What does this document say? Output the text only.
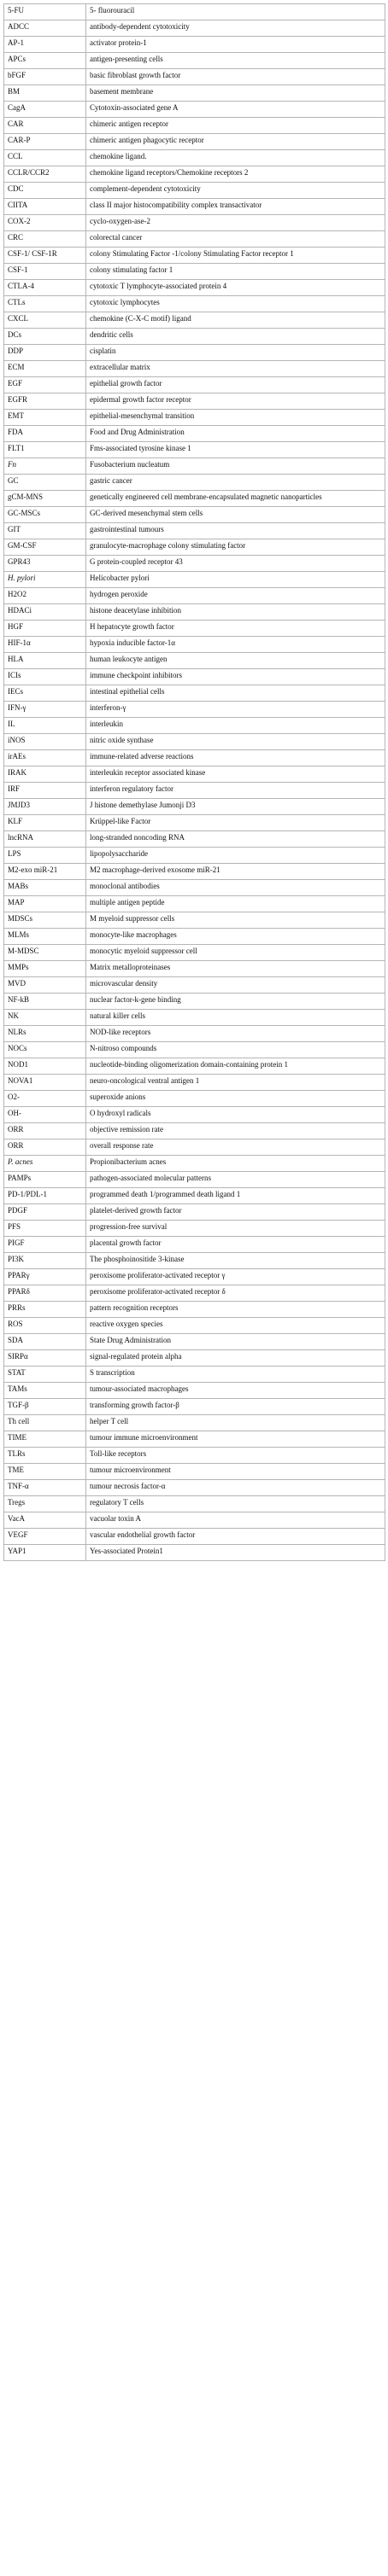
5-FU	5- fluorouracil
ADCC	antibody-dependent cytotoxicity
AP-1	activator protein-1
APCs	antigen-presenting cells
bFGF	basic fibroblast growth factor
BM	basement membrane
CagA	Cytotoxin-associated gene A
CAR	chimeric antigen receptor
CAR-P	chimeric antigen phagocytic receptor
CCL	chemokine ligand.
CCLR/CCR2	chemokine ligand receptors/Chemokine receptors 2
CDC	complement-dependent cytotoxicity
CIITA	class II major histocompatibility complex transactivator
COX-2	cyclo-oxygen-ase-2
CRC	colorectal cancer
CSF-1/ CSF-1R	colony Stimulating Factor -1/colony Stimulating Factor receptor 1
CSF-1	colony stimulating factor 1
CTLA-4	cytotoxic T lymphocyte-associated protein 4
CTLs	cytotoxic lymphocytes
CXCL	chemokine (C-X-C motif) ligand
DCs	dendritic cells
DDP	cisplatin
ECM	extracellular matrix
EGF	epithelial growth factor
EGFR	epidermal growth factor receptor
EMT	epithelial-mesenchymal transition
FDA	Food and Drug Administration
FLT1	Fms-associated tyrosine kinase 1
Fn	Fusobacterium nucleatum
GC	gastric cancer
gCM-MNS	genetically engineered cell membrane-encapsulated magnetic nanoparticles
GC-MSCs	GC-derived mesenchymal stem cells
GIT	gastrointestinal tumours
GM-CSF	granulocyte-macrophage colony stimulating factor
GPR43	G protein-coupled receptor 43
H. pylori	Helicobacter pylori
H2O2	hydrogen peroxide
HDACi	histone deacetylase inhibition
HGF	H hepatocyte growth factor
HIF-1α	hypoxia inducible factor-1α
HLA	human leukocyte antigen
ICIs	immune checkpoint inhibitors
IECs	intestinal epithelial cells
IFN-γ	interferon-γ
IL	interleukin
iNOS	nitric oxide synthase
irAEs	immune-related adverse reactions
IRAK	interleukin receptor associated kinase
IRF	interferon regulatory factor
JMJD3	J histone demethylase Jumonji D3
KLF	Krüppel-like Factor
lncRNA	long-stranded noncoding RNA
LPS	lipopolysaccharide
M2-exo miR-21	M2 macrophage-derived exosome miR-21
MABs	monoclonal antibodies
MAP	multiple antigen peptide
MDSCs	M myeloid suppressor cells
MLMs	monocyte-like macrophages
M-MDSC	monocytic myeloid suppressor cell
MMPs	Matrix metalloproteinases
MVD	microvascular density
NF-kB	nuclear factor-k-gene binding
NK	natural killer cells
NLRs	NOD-like receptors
NOCs	N-nitroso compounds
NOD1	nucleotide-binding oligomerization domain-containing protein 1
NOVA1	neuro-oncological ventral antigen 1
O2-	superoxide anions
OH-	O hydroxyl radicals
ORR	objective remission rate
ORR	overall response rate
P. acnes	Propionibacterium acnes
PAMPs	pathogen-associated molecular patterns
PD-1/PDL-1	programmed death 1/programmed death ligand 1
PDGF	platelet-derived growth factor
PFS	progression-free survival
PIGF	placental growth factor
PI3K	The phosphoinositide 3-kinase
PPARγ	peroxisome proliferator-activated receptor γ
PPARδ	peroxisome proliferator-activated receptor δ
PRRs	pattern recognition receptors
ROS	reactive oxygen species
SDA	State Drug Administration
SIRPα	signal-regulated protein alpha
STAT	S transcription
TAMs	tumour-associated macrophages
TGF-β	transforming growth factor-β
Th cell	helper T cell
TIME	tumour immune microenvironment
TLRs	Toll-like receptors
TME	tumour microenvironment
TNF-α	tumour necrosis factor-α
Tregs	regulatory T cells
VacA	vacuolar toxin A
VEGF	vascular endothelial growth factor
YAP1	Yes-associated Protein1
